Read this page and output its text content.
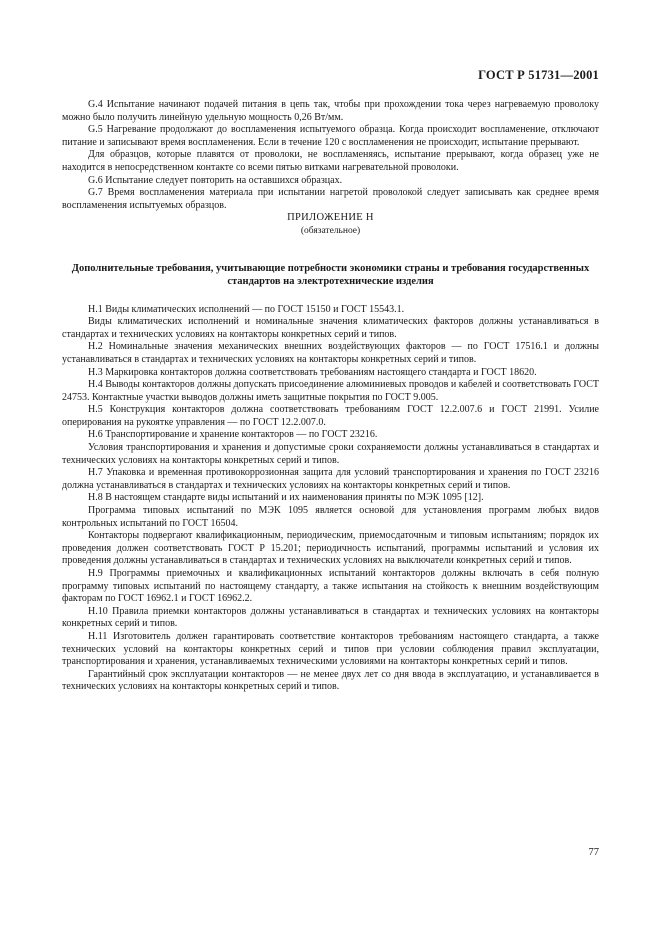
ГОСТ Р 51731—2001

G.4 Испытание начинают подачей питания в цепь так, чтобы при прохождении тока через нагреваемую проволоку можно было получить линейную удельную мощность 0,26 Вт/мм.

G.5 Нагревание продолжают до воспламенения испытуемого образца. Когда происходит воспламенение, отключают питание и записывают время воспламенения. Если в течение 120 с воспламенения не происходит, испытание прерывают.

Для образцов, которые плавятся от проволоки, не воспламеняясь, испытание прерывают, когда образец уже не находится в непосредственном контакте со всеми пятью витками нагревательной проволоки.

G.6 Испытание следует повторить на оставшихся образцах.

G.7 Время воспламенения материала при испытании нагретой проволокой следует записывать как среднее время воспламенения испытуемых образцов.

ПРИЛОЖЕНИЕ Н

(обязательное)

Дополнительные требования, учитывающие потребности экономики страны и требования государственных стандартов на электротехнические изделия

Н.1 Виды климатических исполнений — по ГОСТ 15150 и ГОСТ 15543.1.

Виды климатических исполнений и номинальные значения климатических факторов должны устанавливаться в стандартах и технических условиях на контакторы конкретных серий и типов.

Н.2 Номинальные значения механических внешних воздействующих факторов — по ГОСТ 17516.1 и должны устанавливаться в стандартах и технических условиях на контакторы конкретных серий и типов.

Н.3 Маркировка контакторов должна соответствовать требованиям настоящего стандарта и ГОСТ 18620.

Н.4 Выводы контакторов должны допускать присоединение алюминиевых проводов и кабелей и соответствовать ГОСТ 24753. Контактные участки выводов должны иметь защитные покрытия по ГОСТ 9.005.

Н.5 Конструкция контакторов должна соответствовать требованиям ГОСТ 12.2.007.6 и ГОСТ 21991. Усилие оперирования на рукоятке управления — по ГОСТ 12.2.007.0.

Н.6 Транспортирование и хранение контакторов — по ГОСТ 23216.

Условия транспортирования и хранения и допустимые сроки сохраняемости должны устанавливаться в стандартах и технических условиях на контакторы конкретных серий и типов.

Н.7 Упаковка и временная противокоррозионная защита для условий транспортирования и хранения по ГОСТ 23216 должна устанавливаться в стандартах и технических условиях на контакторы конкретных серий и типов.

Н.8 В настоящем стандарте виды испытаний и их наименования приняты по МЭК 1095 [12].

Программа типовых испытаний по МЭК 1095 является основой для установления программ любых видов контрольных испытаний по ГОСТ 16504.

Контакторы подвергают квалификационным, периодическим, приемосдаточным и типовым испытаниям; порядок их проведения должен соответствовать ГОСТ Р 15.201; периодичность испытаний, программы испытаний и условия их проведения должны устанавливаться в стандартах и технических условиях на выключатели конкретных серий и типов.

Н.9 Программы приемочных и квалификационных испытаний контакторов должны включать в себя полную программу типовых испытаний по настоящему стандарту, а также испытания на стойкость к внешним воздействующим факторам по ГОСТ 16962.1 и ГОСТ 16962.2.

Н.10 Правила приемки контакторов должны устанавливаться в стандартах и технических условиях на контакторы конкретных серий и типов.

Н.11 Изготовитель должен гарантировать соответствие контакторов требованиям настоящего стандарта, а также технических условий на контакторы конкретных серий и типов при условии соблюдения правил эксплуатации, транспортирования и хранения, устанавливаемых техническими условиями на контакторы конкретных серий и типов.

Гарантийный срок эксплуатации контакторов — не менее двух лет со дня ввода в эксплуатацию, и устанавливается в технических условиях на контакторы конкретных серий и типов.

77
